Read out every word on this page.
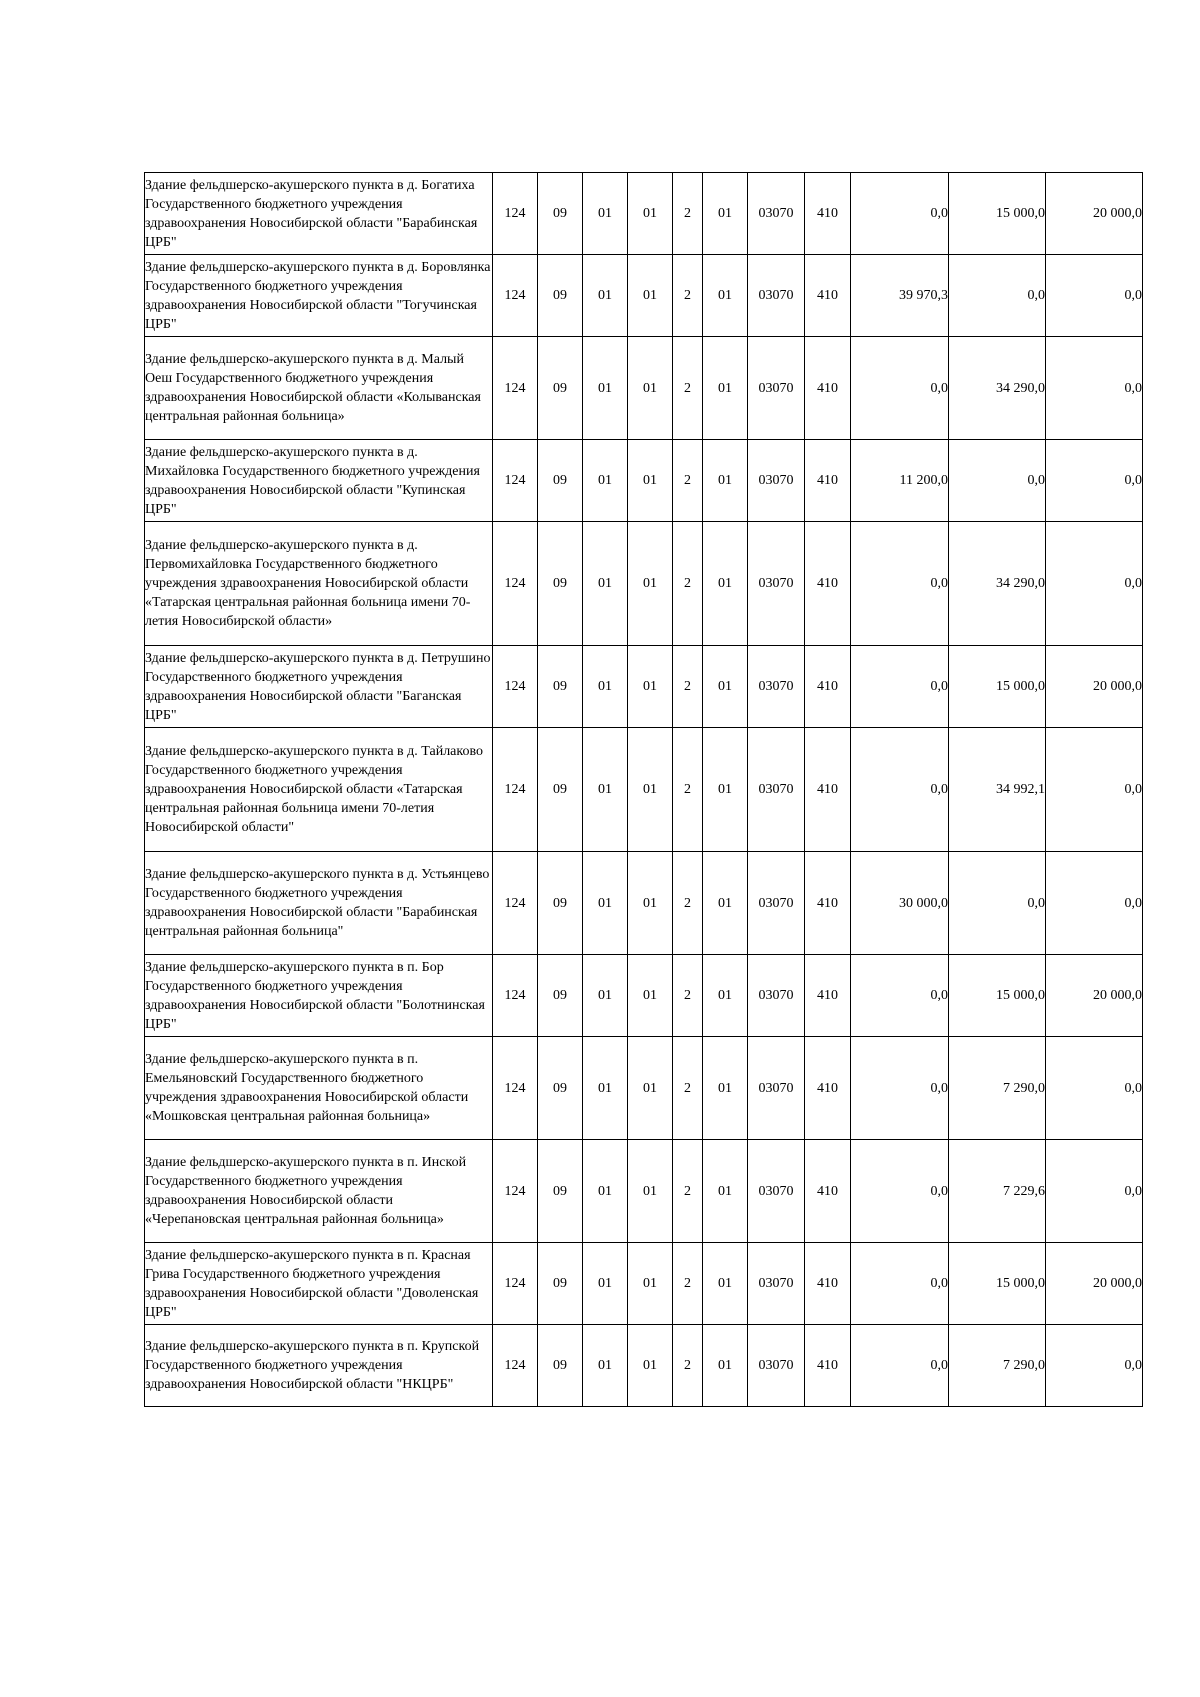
Здание фельдшерско-акушерского пункта в д. Богатиха Государственного бюджетного учреждения здравоохранения Новосибирской области "Барабинская ЦРБ"	124	09	01	01	2	01	03070	410	0,0	15 000,0	20 000,0
Здание фельдшерско-акушерского пункта в д. Боровлянка Государственного бюджетного учреждения здравоохранения Новосибирской области "Тогучинская ЦРБ"	124	09	01	01	2	01	03070	410	39 970,3	0,0	0,0
Здание фельдшерско-акушерского пункта в д. Малый Оеш Государственного бюджетного учреждения здравоохранения Новосибирской области «Колыванская центральная районная больница»	124	09	01	01	2	01	03070	410	0,0	34 290,0	0,0
Здание фельдшерско-акушерского пункта в д. Михайловка Государственного бюджетного учреждения здравоохранения Новосибирской области "Купинская ЦРБ"	124	09	01	01	2	01	03070	410	11 200,0	0,0	0,0
Здание фельдшерско-акушерского пункта в д. Первомихайловка Государственного бюджетного учреждения здравоохранения Новосибирской области «Татарская центральная районная больница имени 70-летия Новосибирской области»	124	09	01	01	2	01	03070	410	0,0	34 290,0	0,0
Здание фельдшерско-акушерского пункта в д. Петрушино Государственного бюджетного учреждения здравоохранения Новосибирской области "Баганская ЦРБ"	124	09	01	01	2	01	03070	410	0,0	15 000,0	20 000,0
Здание фельдшерско-акушерского пункта в д. Тайлаково Государственного бюджетного учреждения здравоохранения Новосибирской области «Татарская центральная районная больница имени 70-летия Новосибирской области"	124	09	01	01	2	01	03070	410	0,0	34 992,1	0,0
Здание фельдшерско-акушерского пункта в д. Устьянцево Государственного бюджетного учреждения здравоохранения Новосибирской области "Барабинская центральная районная больница"	124	09	01	01	2	01	03070	410	30 000,0	0,0	0,0
Здание фельдшерско-акушерского пункта в п. Бор Государственного бюджетного учреждения здравоохранения Новосибирской области "Болотнинская ЦРБ"	124	09	01	01	2	01	03070	410	0,0	15 000,0	20 000,0
Здание фельдшерско-акушерского пункта в п. Емельяновский Государственного бюджетного учреждения здравоохранения Новосибирской области «Мошковская центральная районная больница»	124	09	01	01	2	01	03070	410	0,0	7 290,0	0,0
Здание фельдшерско-акушерского пункта в п. Инской Государственного бюджетного учреждения здравоохранения Новосибирской области «Черепановская центральная районная больница»	124	09	01	01	2	01	03070	410	0,0	7 229,6	0,0
Здание фельдшерско-акушерского пункта в п. Красная Грива Государственного бюджетного учреждения здравоохранения Новосибирской области "Доволенская ЦРБ"	124	09	01	01	2	01	03070	410	0,0	15 000,0	20 000,0
Здание фельдшерско-акушерского пункта в п. Крупской Государственного бюджетного учреждения здравоохранения Новосибирской области "НКЦРБ"	124	09	01	01	2	01	03070	410	0,0	7 290,0	0,0
